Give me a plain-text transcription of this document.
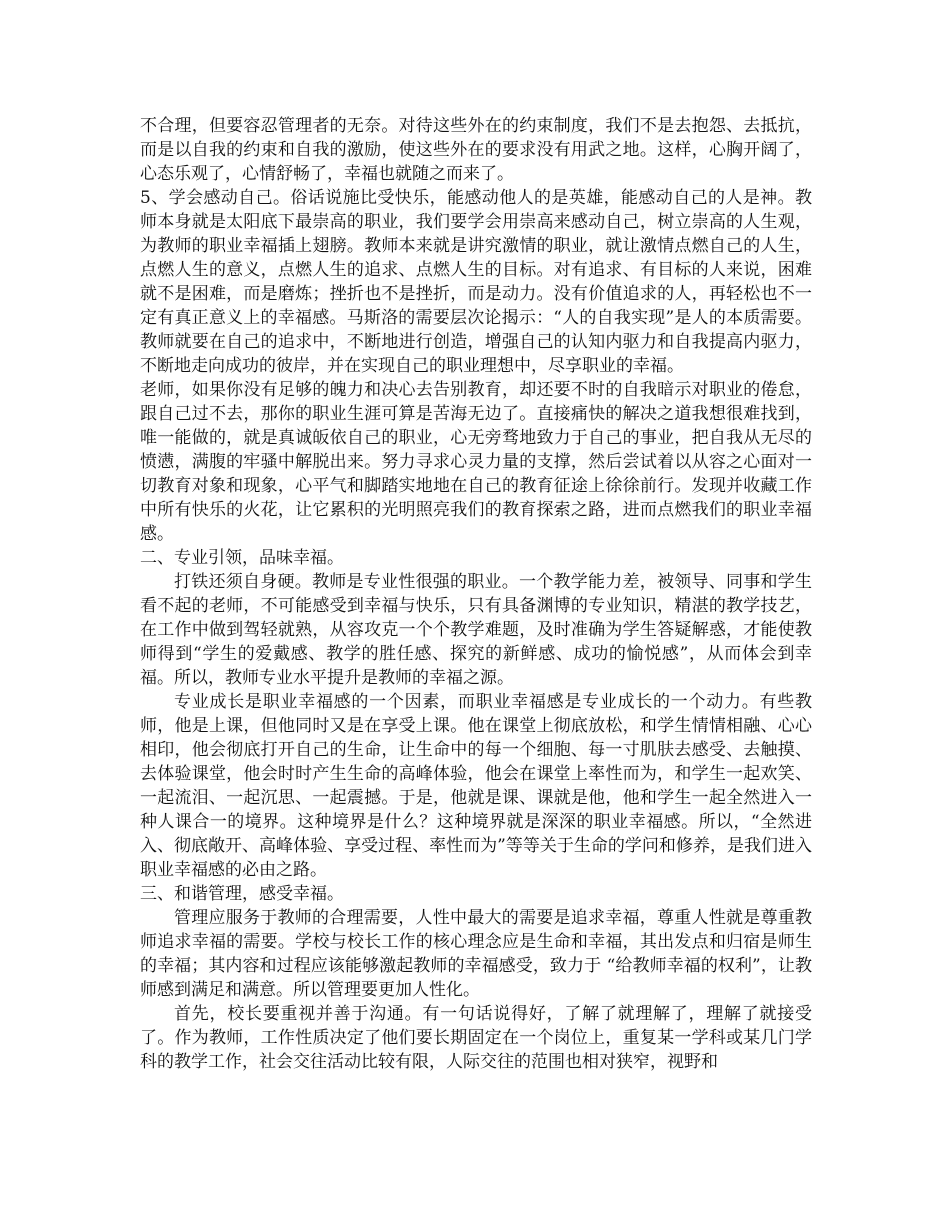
不合理，但要容忍管理者的无奈。对待这些外在的约束制度，我们不是去抱怨、去抵抗，而是以自我的约束和自我的激励，使这些外在的要求没有用武之地。这样，心胸开阔了，心态乐观了，心情舒畅了，幸福也就随之而来了。

5、学会感动自己。俗话说施比受快乐，能感动他人的是英雄，能感动自己的人是神。教师本身就是太阳底下最崇高的职业，我们要学会用崇高来感动自己，树立崇高的人生观，为教师的职业幸福插上翅膀。教师本来就是讲究激情的职业，就让激情点燃自己的人生，点燃人生的意义，点燃人生的追求、点燃人生的目标。对有追求、有目标的人来说，困难就不是困难，而是磨炼；挫折也不是挫折，而是动力。没有价值追求的人，再轻松也不一定有真正意义上的幸福感。马斯洛的需要层次论揭示：“人的自我实现”是人的本质需要。教师就要在自己的追求中，不断地进行创造，增强自己的认知内驱力和自我提高内驱力，不断地走向成功的彼岸，并在实现自己的职业理想中，尽享职业的幸福。

老师，如果你没有足够的魄力和决心去告别教育，却还要不时的自我暗示对职业的倦怠，跟自己过不去，那你的职业生涯可算是苦海无边了。直接痛快的解决之道我想很难找到，唯一能做的，就是真诚皈依自己的职业，心无旁骛地致力于自己的事业，把自我从无尽的愤懑，满腹的牢骚中解脱出来。努力寻求心灵力量的支撑，然后尝试着以从容之心面对一切教育对象和现象，心平气和脚踏实地地在自己的教育征途上徐徐前行。发现并收藏工作中所有快乐的火花，让它累积的光明照亮我们的教育探索之路，进而点燃我们的职业幸福感。

二、专业引领，品味幸福。

打铁还须自身硬。教师是专业性很强的职业。一个教学能力差，被领导、同事和学生看不起的老师，不可能感受到幸福与快乐，只有具备渊博的专业知识，精湛的教学技艺，在工作中做到驾轻就熟，从容攻克一个个教学难题，及时准确为学生答疑解惑，才能使教师得到“学生的爱戴感、教学的胜任感、探究的新鲜感、成功的愉悦感”，从而体会到幸福。所以，教师专业水平提升是教师的幸福之源。

专业成长是职业幸福感的一个因素，而职业幸福感是专业成长的一个动力。有些教师，他是上课，但他同时又是在享受上课。他在课堂上彻底放松，和学生情情相融、心心相印，他会彻底打开自己的生命，让生命中的每一个细胞、每一寸肌肤去感受、去触摸、去体验课堂，他会时时产生生命的高峰体验，他会在课堂上率性而为，和学生一起欢笑、一起流泪、一起沉思、一起震撼。于是，他就是课、课就是他，他和学生一起全然进入一种人课合一的境界。这种境界是什么？这种境界就是深深的职业幸福感。所以，“全然进入、彻底敞开、高峰体验、享受过程、率性而为”等等关于生命的学问和修养，是我们进入职业幸福感的必由之路。

三、和谐管理，感受幸福。

管理应服务于教师的合理需要，人性中最大的需要是追求幸福，尊重人性就是尊重教师追求幸福的需要。学校与校长工作的核心理念应是生命和幸福，其出发点和归宿是师生的幸福；其内容和过程应该能够激起教师的幸福感受，致力于 “给教师幸福的权利”，让教师感到满足和满意。所以管理要更加人性化。

首先，校长要重视并善于沟通。有一句话说得好，了解了就理解了，理解了就接受了。作为教师，工作性质决定了他们要长期固定在一个岗位上，重复某一学科或某几门学科的教学工作，社会交往活动比较有限，人际交往的范围也相对狭窄，视野和
